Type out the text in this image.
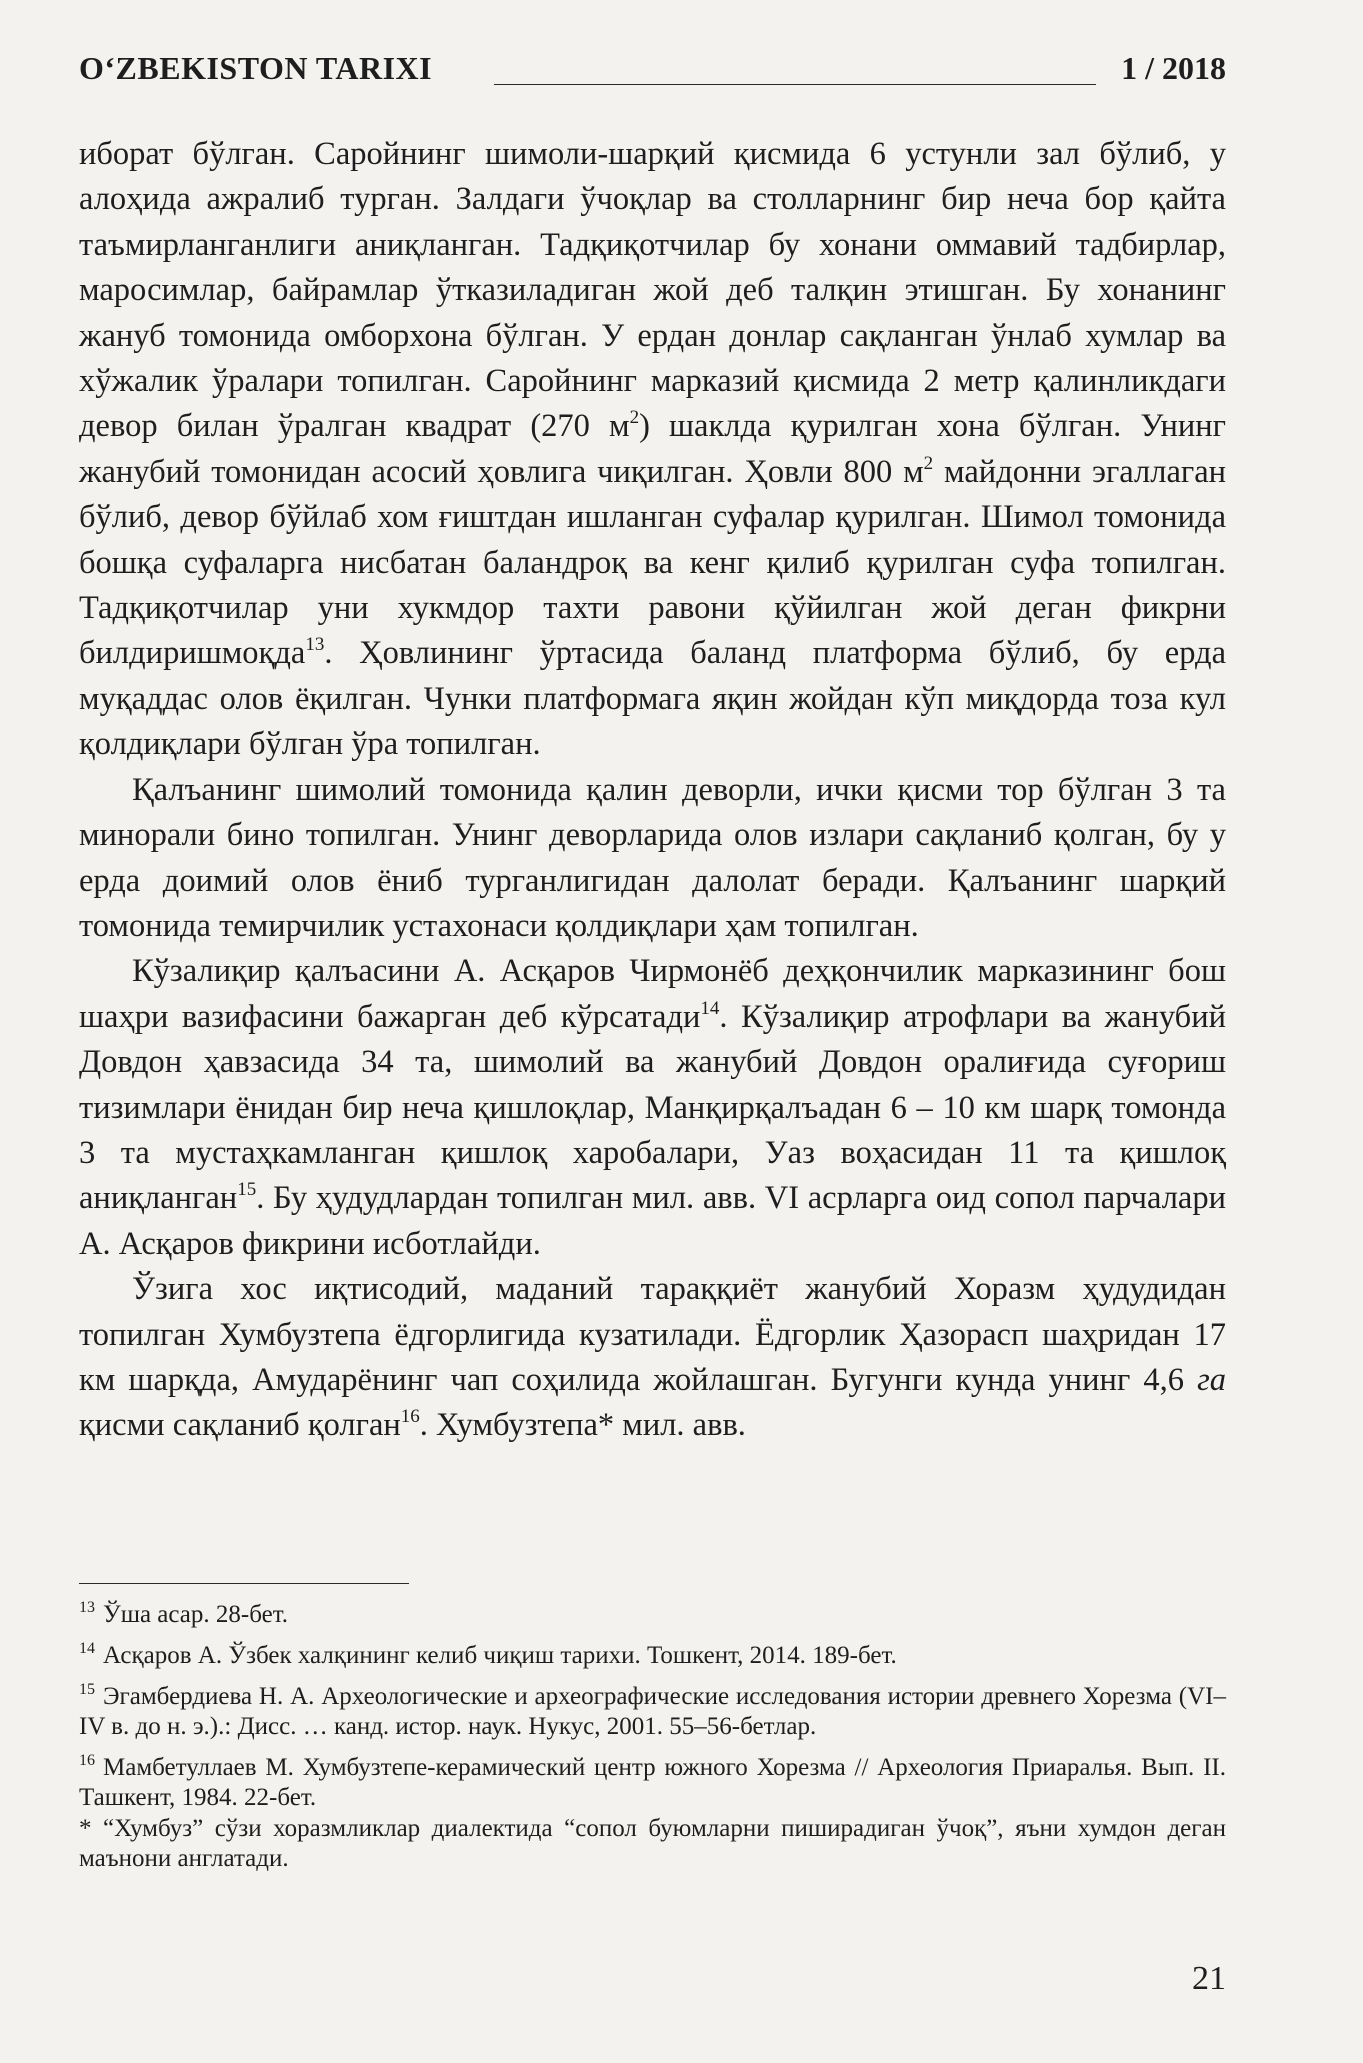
O‘ZBEKISTON TARIXI	1 / 2018

иборат бўлган. Саройнинг шимоли-шарқий қисмида 6 устунли зал бўлиб, у алоҳида ажралиб турган. Залдаги ўчоқлар ва столларнинг бир неча бор қайта таъмирланганлиги аниқланган. Тадқиқотчилар бу хонани оммавий тадбирлар, маросимлар, байрамлар ўтказиладиган жой деб талқин этишган. Бу хонанинг жануб томонида омборхона бўлган. У ердан донлар сақланган ўнлаб хумлар ва хўжалик ўралари топилган. Саройнинг марказий қисмида 2 метр қалинликдаги девор билан ўралган квадрат (270 $м^2$) шаклда қурилган хона бўлган. Унинг жанубий томонидан асосий ҳовлига чиқилган. Ҳовли 800 $м^2$ майдонни эгаллаган бўлиб, девор бўйлаб хом ғиштдан ишланган суфалар қурилган. Шимол томонида бошқа суфаларга нисбатан баландроқ ва кенг қилиб қурилган суфа топилган. Тадқиқотчилар уни хукмдор тахти равони қўйилган жой деган фикрни билдиришмоқда$^{13}$. Ҳовлининг ўртасида баланд платформа бўлиб, бу ерда муқаддас олов ёқилган. Чунки платформага яқин жойдан кўп миқдорда тоза кул қолдиқлари бўлган ўра топилган.

Қалъанинг шимолий томонида қалин деворли, ички қисми тор бўлган 3 та минорали бино топилган. Унинг деворларида олов излари сақланиб қолган, бу у ерда доимий олов ёниб турганлигидан далолат беради. Қалъанинг шарқий томонида темирчилик устахонаси қолдиқлари ҳам топилган.

Кўзалиқир қалъасини А. Асқаров Чирмонёб деҳқончилик марказининг бош шаҳри вазифасини бажарган деб кўрсатади$^{14}$. Кўзалиқир атрофлари ва жанубий Довдон ҳавзасида 34 та, шимолий ва жанубий Довдон оралиғида суғориш тизимлари ёнидан бир неча қишлоқлар, Манқирқалъадан 6 – 10 км шарқ томонда 3 та мустаҳкамланган қишлоқ харобалари, Уаз воҳасидан 11 та қишлоқ аниқланган$^{15}$. Бу ҳудудлардан топилган мил. авв. VI асрларга оид сопол парчалари А. Асқаров фикрини исботлайди.

Ўзига хос иқтисодий, маданий тараққиёт жанубий Хоразм ҳудудидан топилган Хумбузтепа ёдгорлигида кузатилади. Ёдгорлик Ҳазорасп шаҳридан 17 км шарқда, Амударёнинг чап соҳилида жойлашган. Бугунги кунда унинг 4,6 га қисми сақланиб қолган$^{16}$. Хумбузтепа* мил. авв.

$^{13}$ Ўша асар. 28-бет.

$^{14}$ Асқаров А. Ўзбек халқининг келиб чиқиш тарихи. Тошкент, 2014. 189-бет.

$^{15}$ Эгамбердиева Н. А. Археологические и археографические исследования истории древнего Хорезма (VI–IV в. до н. э.).: Дисс. … канд. истор. наук. Нукус, 2001. 55–56-бетлар.

$^{16}$ Мамбетуллаев М. Хумбузтепе-керамический центр южного Хорезма // Археология Приаралья. Вып. II. Ташкент, 1984. 22-бет.

* “Хумбуз” сўзи хоразмликлар диалектида “сопол буюмларни пиширадиган ўчоқ”, яъни хумдон деган маънони англатади.

21
